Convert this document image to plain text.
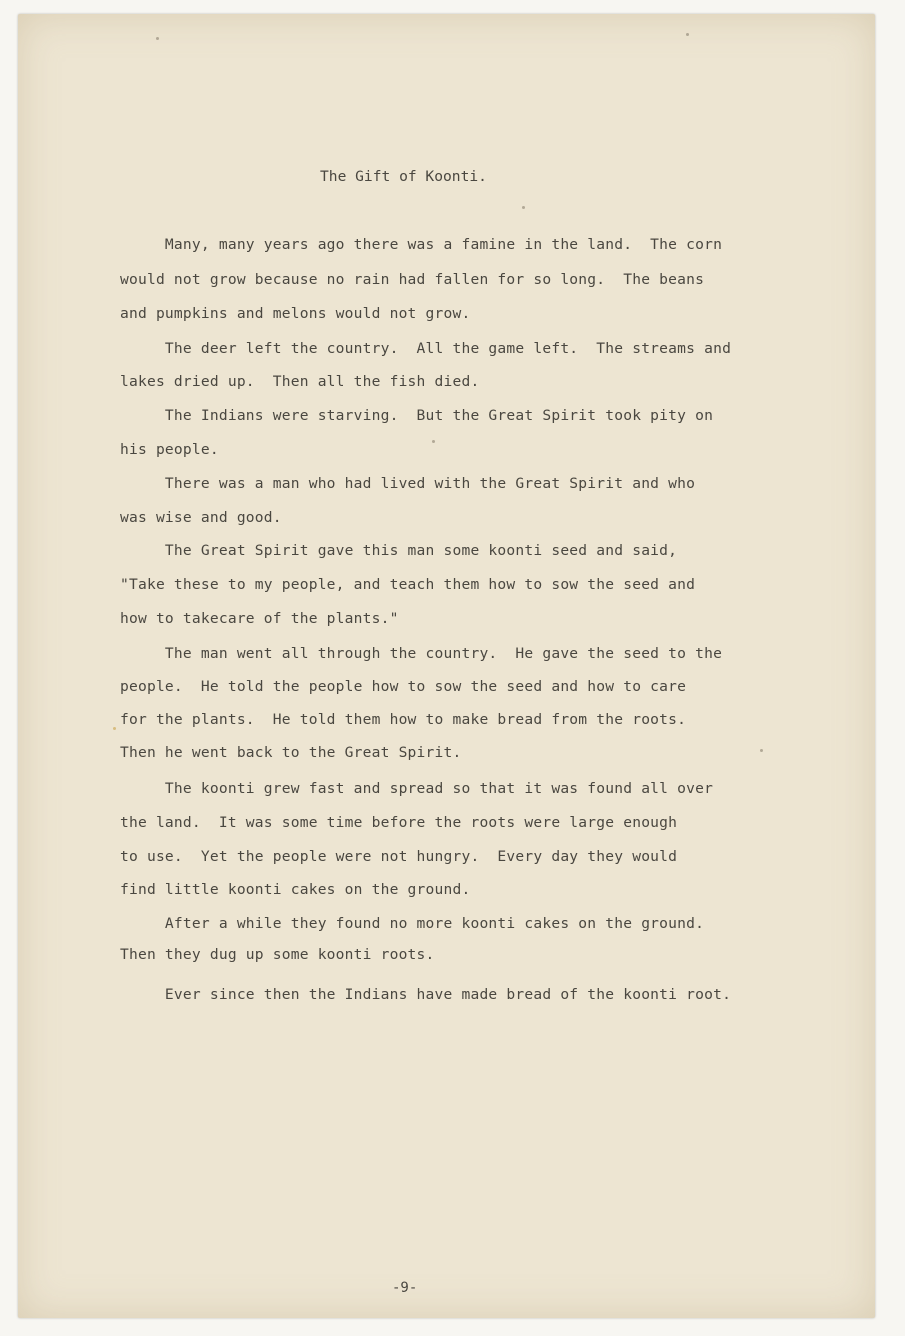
The Gift of Koonti.
Many, many years ago there was a famine in the land.  The corn
would not grow because no rain had fallen for so long.  The beans
and pumpkins and melons would not grow.
The deer left the country.  All the game left.  The streams and
lakes dried up.  Then all the fish died.
The Indians were starving.  But the Great Spirit took pity on
his people.
There was a man who had lived with the Great Spirit and who
was wise and good.
The Great Spirit gave this man some koonti seed and said,
"Take these to my people, and teach them how to sow the seed and
how to takecare of the plants."
The man went all through the country.  He gave the seed to the
people.  He told the people how to sow the seed and how to care
for the plants.  He told them how to make bread from the roots.
Then he went back to the Great Spirit.
The koonti grew fast and spread so that it was found all over
the land.  It was some time before the roots were large enough
to use.  Yet the people were not hungry.  Every day they would
find little koonti cakes on the ground.
After a while they found no more koonti cakes on the ground.
Then they dug up some koonti roots.
Ever since then the Indians have made bread of the koonti root.
-9-
